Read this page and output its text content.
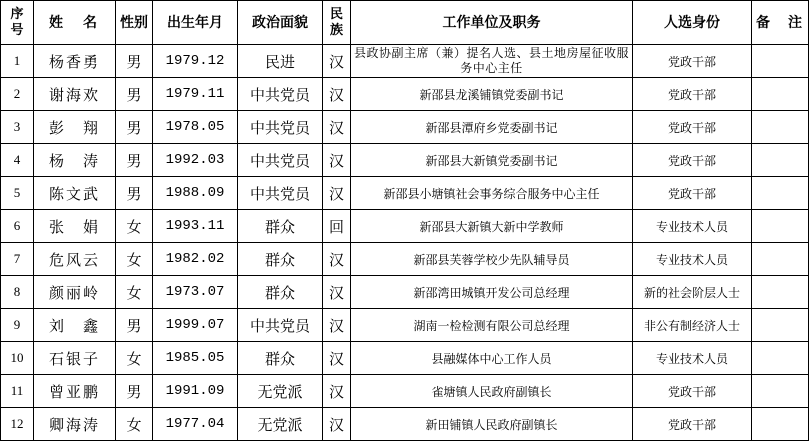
序号	姓　名	性别	出生年月	政治面貌	民族	工作单位及职务	人选身份	备　注
1	杨香勇	男	1979.12	民进	汉	县政协副主席（兼）提名人选、县土地房屋征收服务中心主任	党政干部	
2	谢海欢	男	1979.11	中共党员	汉	新邵县龙溪铺镇党委副书记	党政干部	
3	彭　翔	男	1978.05	中共党员	汉	新邵县潭府乡党委副书记	党政干部	
4	杨　涛	男	1992.03	中共党员	汉	新邵县大新镇党委副书记	党政干部	
5	陈文武	男	1988.09	中共党员	汉	新邵县小塘镇社会事务综合服务中心主任	党政干部	
6	张　娟	女	1993.11	群众	回	新邵县大新镇大新中学教师	专业技术人员	
7	危风云	女	1982.02	群众	汉	新邵县芙蓉学校少先队辅导员	专业技术人员	
8	颜丽岭	女	1973.07	群众	汉	新邵湾田城镇开发公司总经理	新的社会阶层人士	
9	刘　鑫	男	1999.07	中共党员	汉	湖南一检检测有限公司总经理	非公有制经济人士	
10	石银子	女	1985.05	群众	汉	县融媒体中心工作人员	专业技术人员	
11	曾亚鹏	男	1991.09	无党派	汉	雀塘镇人民政府副镇长	党政干部	
12	卿海涛	女	1977.04	无党派	汉	新田铺镇人民政府副镇长	党政干部	
